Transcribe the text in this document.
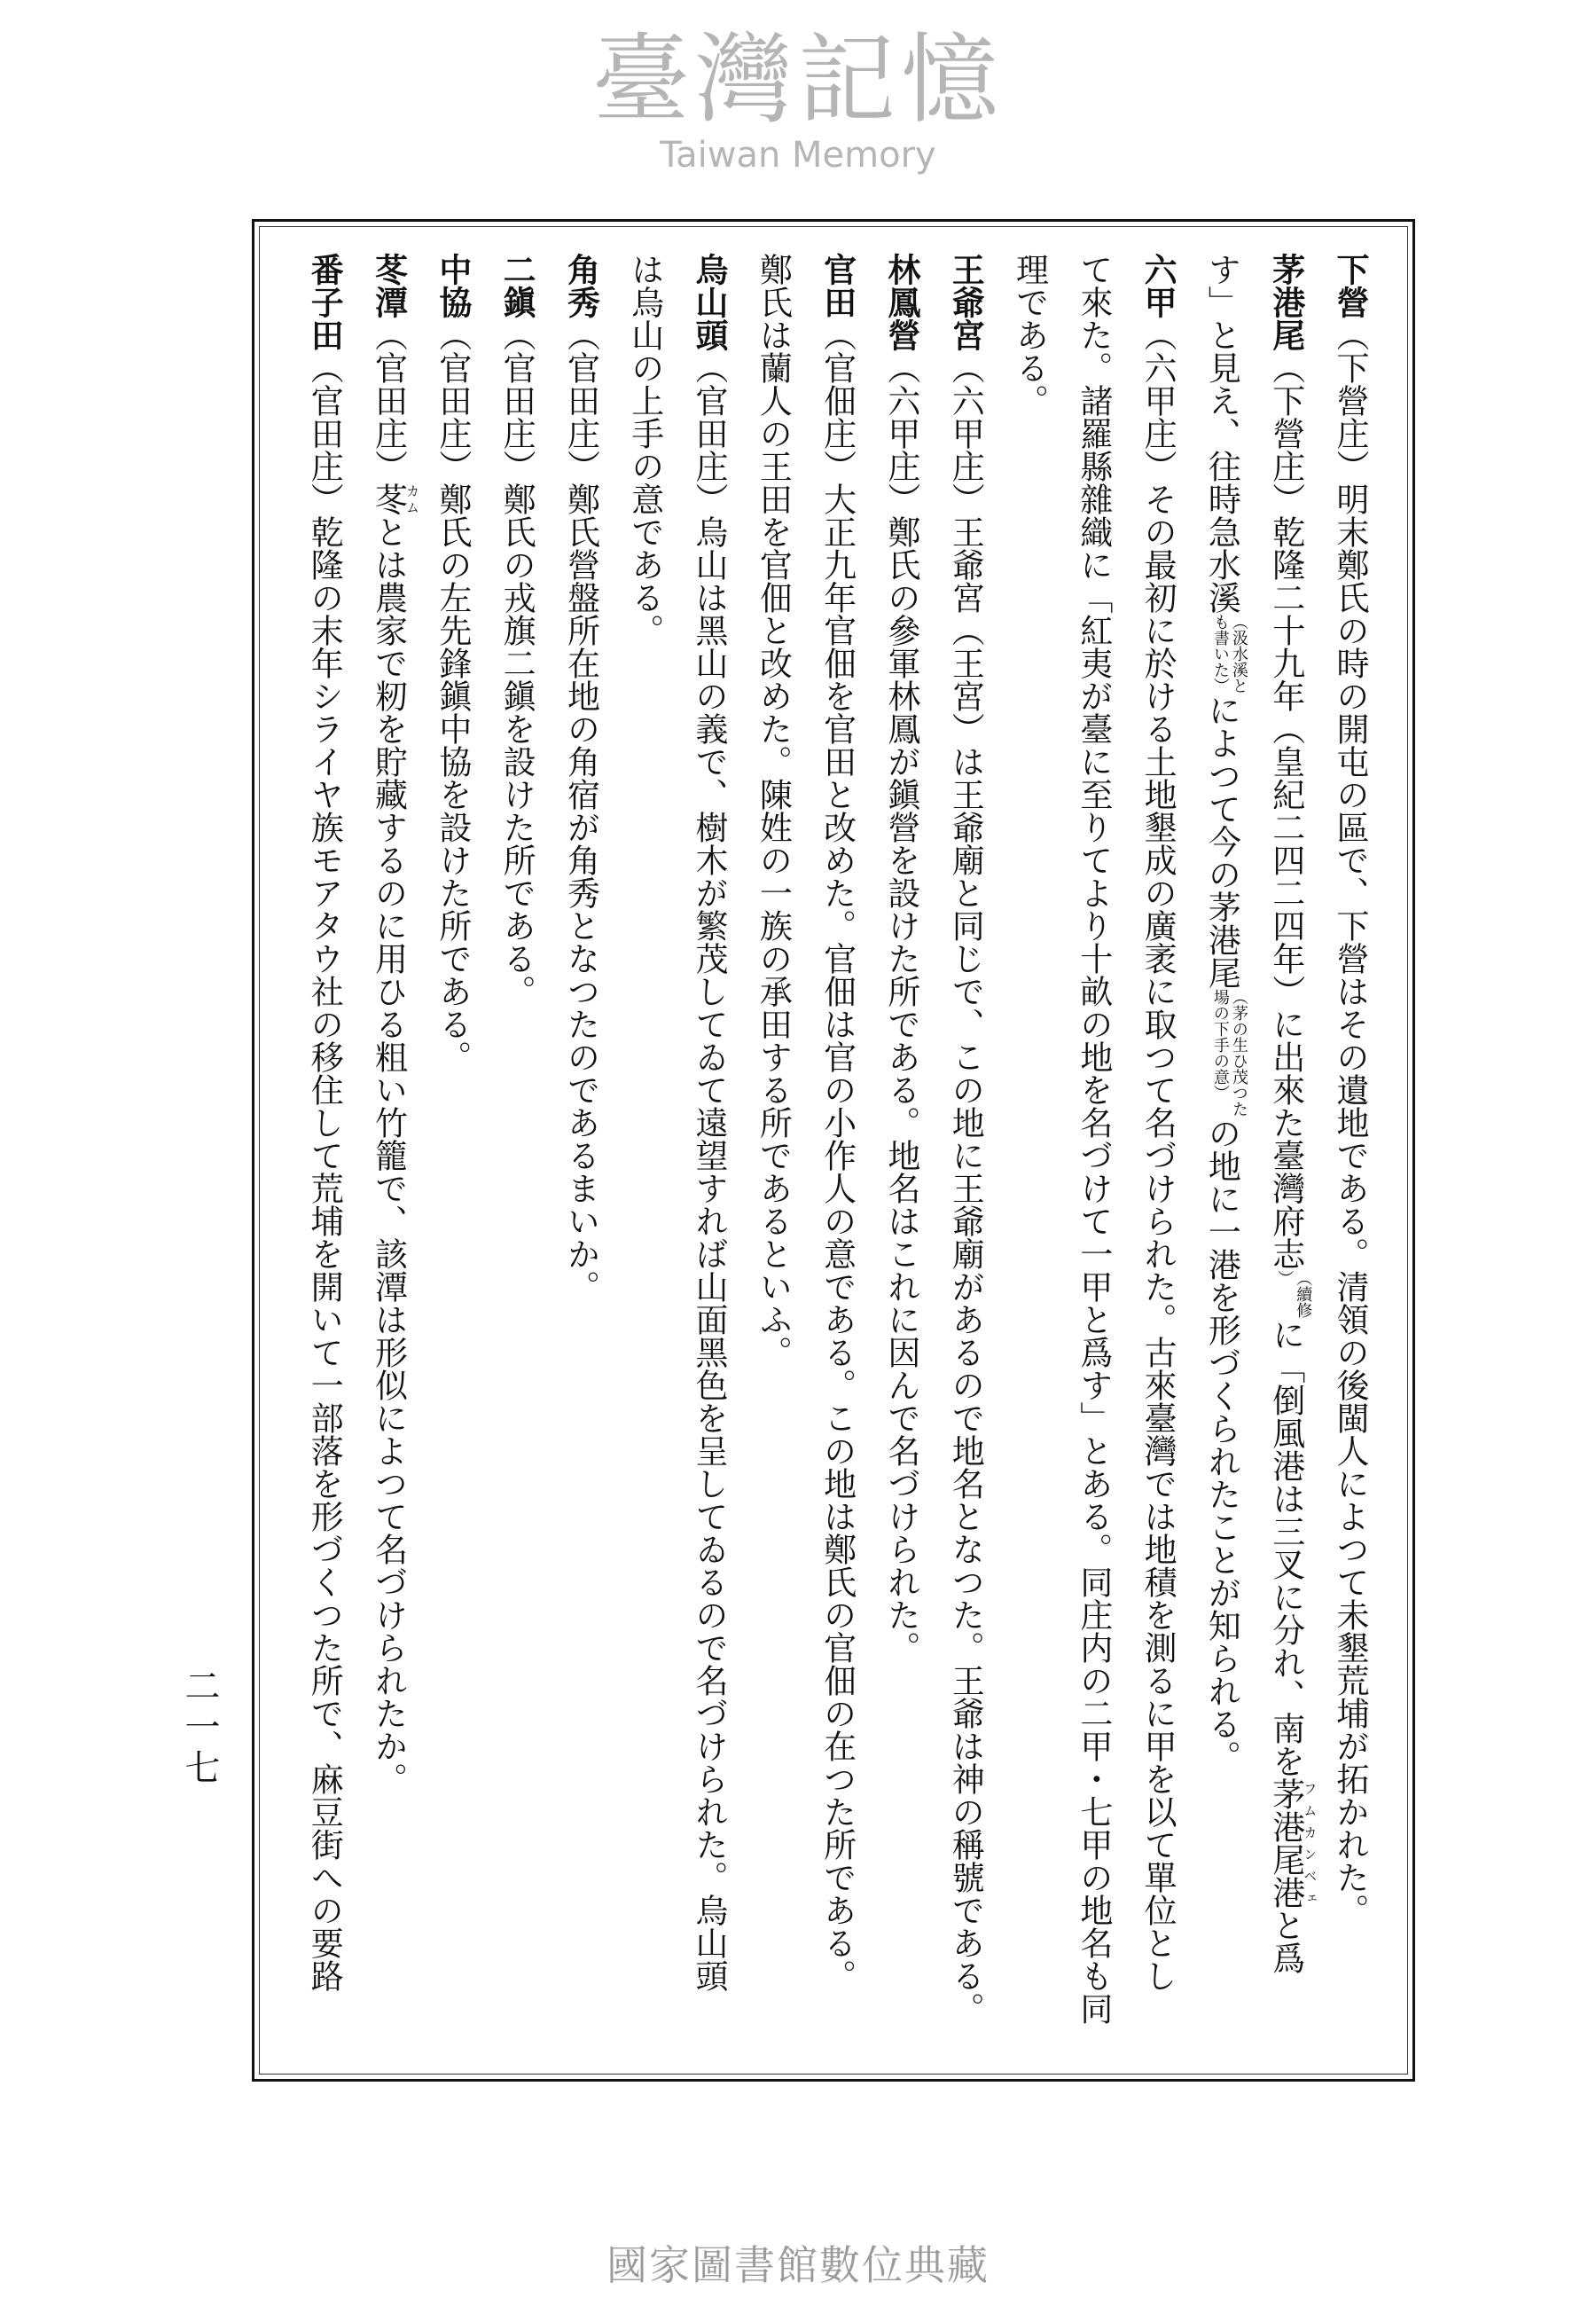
下營（下營庄）明末鄭氏の時の開屯の區で、下營はその遺地である。清領の後閩人によつて未墾荒埔が拓かれた。
茅港尾（下營庄）乾隆二十九年（皇紀二四二四年）に出來た臺灣府志（續修
）に「倒風港は三叉に分れ、南を茅港尾港フムカンベェと爲
す」と見え、往時急水溪（汲水溪と
も書いた）によつて今の茅港尾（茅の生ひ茂つた
場の下手の意）の地に一港を形づくられたことが知られる。
六甲（六甲庄）その最初に於ける土地墾成の廣袤に取つて名づけられた。古來臺灣では地積を測るに甲を以て單位とし
て來た。諸羅縣雜織に「紅夷が臺に至りてより十畝の地を名づけて一甲と爲す」とある。同庄内の二甲・七甲の地名も同
理である。
王爺宮（六甲庄）王爺宮（王宮）は王爺廟と同じで、この地に王爺廟があるので地名となつた。王爺は神の稱號である。
林鳳營（六甲庄）鄭氏の參軍林鳳が鎭營を設けた所である。地名はこれに因んで名づけられた。
官田（官佃庄）大正九年官佃を官田と改めた。官佃は官の小作人の意である。この地は鄭氏の官佃の在つた所である。
鄭氏は蘭人の王田を官佃と改めた。陳姓の一族の承田する所であるといふ。
烏山頭（官田庄）烏山は黑山の義で、樹木が繁茂してゐて遠望すれば山面黑色を呈してゐるので名づけられた。烏山頭
は烏山の上手の意である。
角秀（官田庄）鄭氏營盤所在地の角宿が角秀となつたのであるまいか。
二鎭（官田庄）鄭氏の戎旗二鎭を設けた所である。
中協（官田庄）鄭氏の左先鋒鎭中協を設けた所である。
苳潭（官田庄）苳カムとは農家で籾を貯藏するのに用ひる粗い竹籠で、該潭は形似によつて名づけられたか。
番子田（官田庄）乾隆の末年シライヤ族モアタウ社の移住して荒埔を開いて一部落を形づくつた所で、麻豆街への要路
二一七
臺灣記憶
Taiwan Memory
國家圖書館數位典藏
